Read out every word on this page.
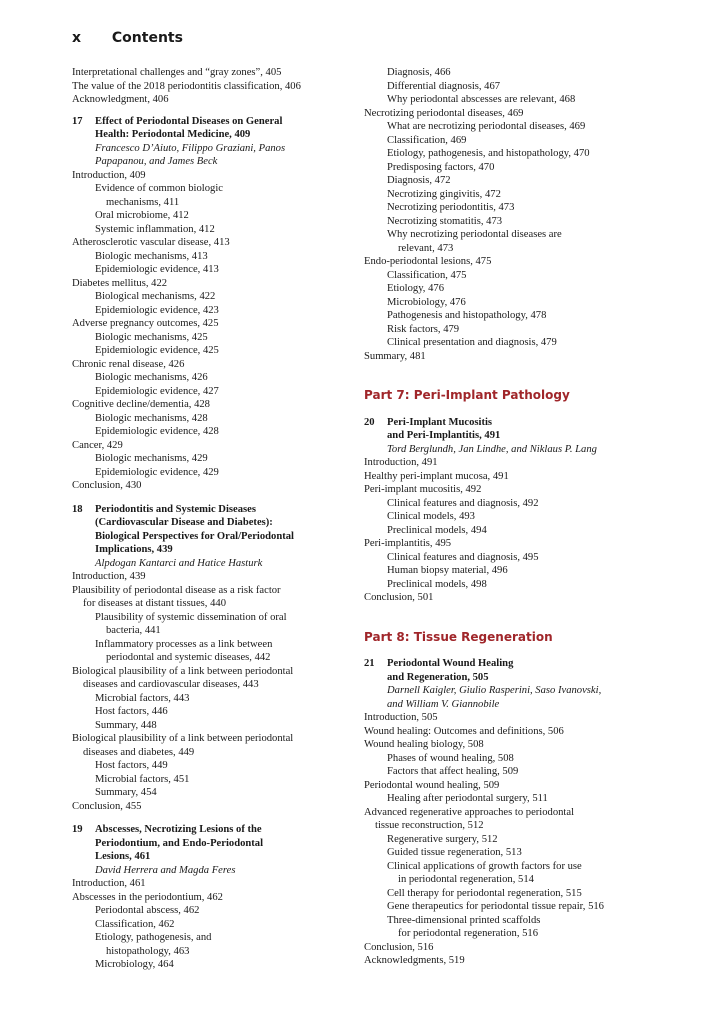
x Contents
Interpretational challenges and “gray zones”, 405
The value of the 2018 periodontitis classification, 406
Acknowledgment, 406
17	Effect of Periodontal Diseases on General
Health: Periodontal Medicine, 409
Francesco D’Aiuto, Filippo Graziani, Panos
Papapanou, and James Beck
Introduction, 409
Evidence of common biologic
mechanisms, 411
Oral microbiome, 412
Systemic inflammation, 412
Atherosclerotic vascular disease, 413
Biologic mechanisms, 413
Epidemiologic evidence, 413
Diabetes mellitus, 422
Biological mechanisms, 422
Epidemiologic evidence, 423
Adverse pregnancy outcomes, 425
Biologic mechanisms, 425
Epidemiologic evidence, 425
Chronic renal disease, 426
Biologic mechanisms, 426
Epidemiologic evidence, 427
Cognitive decline/dementia, 428
Biologic mechanisms, 428
Epidemiologic evidence, 428
Cancer, 429
Biologic mechanisms, 429
Epidemiologic evidence, 429
Conclusion, 430
18	Periodontitis and Systemic Diseases
(Cardiovascular Disease and Diabetes):
Biological Perspectives for Oral/Periodontal
Implications, 439
Alpdogan Kantarci and Hatice Hasturk
Introduction, 439
Plausibility of periodontal disease as a risk factor
for diseases at distant tissues, 440
Plausibility of systemic dissemination of oral
bacteria, 441
Inflammatory processes as a link between
periodontal and systemic diseases, 442
Biological plausibility of a link between periodontal
diseases and cardiovascular diseases, 443
Microbial factors, 443
Host factors, 446
Summary, 448
Biological plausibility of a link between periodontal
diseases and diabetes, 449
Host factors, 449
Microbial factors, 451
Summary, 454
Conclusion, 455
19	Abscesses, Necrotizing Lesions of the
Periodontium, and Endo-Periodontal
Lesions, 461
David Herrera and Magda Feres
Introduction, 461
Abscesses in the periodontium, 462
Periodontal abscess, 462
Classification, 462
Etiology, pathogenesis, and
histopathology, 463
Microbiology, 464
Diagnosis, 466
Differential diagnosis, 467
Why periodontal abscesses are relevant, 468
Necrotizing periodontal diseases, 469
What are necrotizing periodontal diseases, 469
Classification, 469
Etiology, pathogenesis, and histopathology, 470
Predisposing factors, 470
Diagnosis, 472
Necrotizing gingivitis, 472
Necrotizing periodontitis, 473
Necrotizing stomatitis, 473
Why necrotizing periodontal diseases are
relevant, 473
Endo-periodontal lesions, 475
Classification, 475
Etiology, 476
Microbiology, 476
Pathogenesis and histopathology, 478
Risk factors, 479
Clinical presentation and diagnosis, 479
Summary, 481
Part 7: Peri-Implant Pathology
20	Peri-Implant Mucositis
and Peri-Implantitis, 491
Tord Berglundh, Jan Lindhe, and Niklaus P. Lang
Introduction, 491
Healthy peri-implant mucosa, 491
Peri-implant mucositis, 492
Clinical features and diagnosis, 492
Clinical models, 493
Preclinical models, 494
Peri-implantitis, 495
Clinical features and diagnosis, 495
Human biopsy material, 496
Preclinical models, 498
Conclusion, 501
Part 8: Tissue Regeneration
21	Periodontal Wound Healing
and Regeneration, 505
Darnell Kaigler, Giulio Rasperini, Saso Ivanovski,
and William V. Giannobile
Introduction, 505
Wound healing: Outcomes and definitions, 506
Wound healing biology, 508
Phases of wound healing, 508
Factors that affect healing, 509
Periodontal wound healing, 509
Healing after periodontal surgery, 511
Advanced regenerative approaches to periodontal
tissue reconstruction, 512
Regenerative surgery, 512
Guided tissue regeneration, 513
Clinical applications of growth factors for use
in periodontal regeneration, 514
Cell therapy for periodontal regeneration, 515
Gene therapeutics for periodontal tissue repair, 516
Three-dimensional printed scaffolds
for periodontal regeneration, 516
Conclusion, 516
Acknowledgments, 519
